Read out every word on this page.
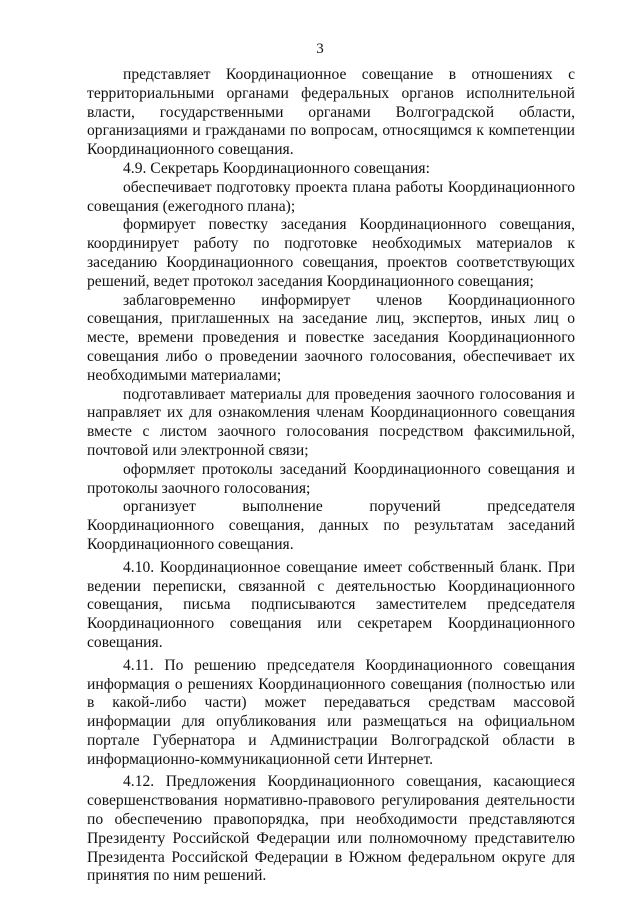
3

представляет Координационное совещание в отношениях с территориальными органами федеральных органов исполнительной власти, государственными органами Волгоградской области, организациями и гражданами по вопросам, относящимся к компетенции Координационного совещания.

4.9. Секретарь Координационного совещания:

обеспечивает подготовку проекта плана работы Координационного совещания (ежегодного плана);

формирует повестку заседания Координационного совещания, координирует работу по подготовке необходимых материалов к заседанию Координационного совещания, проектов соответствующих решений, ведет протокол заседания Координационного совещания;

заблаговременно информирует членов Координационного совещания, приглашенных на заседание лиц, экспертов, иных лиц о месте, времени проведения и повестке заседания Координационного совещания либо о проведении заочного голосования, обеспечивает их необходимыми материалами;

подготавливает материалы для проведения заочного голосования и направляет их для ознакомления членам Координационного совещания вместе с листом заочного голосования посредством факсимильной, почтовой или электронной связи;

оформляет протоколы заседаний Координационного совещания и протоколы заочного голосования;

организует выполнение поручений председателя Координационного совещания, данных по результатам заседаний Координационного совещания.

4.10. Координационное совещание имеет собственный бланк. При ведении переписки, связанной с деятельностью Координационного совещания, письма подписываются заместителем председателя Координационного совещания или секретарем Координационного совещания.

4.11. По решению председателя Координационного совещания информация о решениях Координационного совещания (полностью или в какой-либо части) может передаваться средствам массовой информации для опубликования или размещаться на официальном портале Губернатора и Администрации Волгоградской области в информационно-коммуникационной сети Интернет.

4.12. Предложения Координационного совещания, касающиеся совершенствования нормативно-правового регулирования деятельности по обеспечению правопорядка, при необходимости представляются Президенту Российской Федерации или полномочному представителю Президента Российской Федерации в Южном федеральном округе для принятия по ним решений.
